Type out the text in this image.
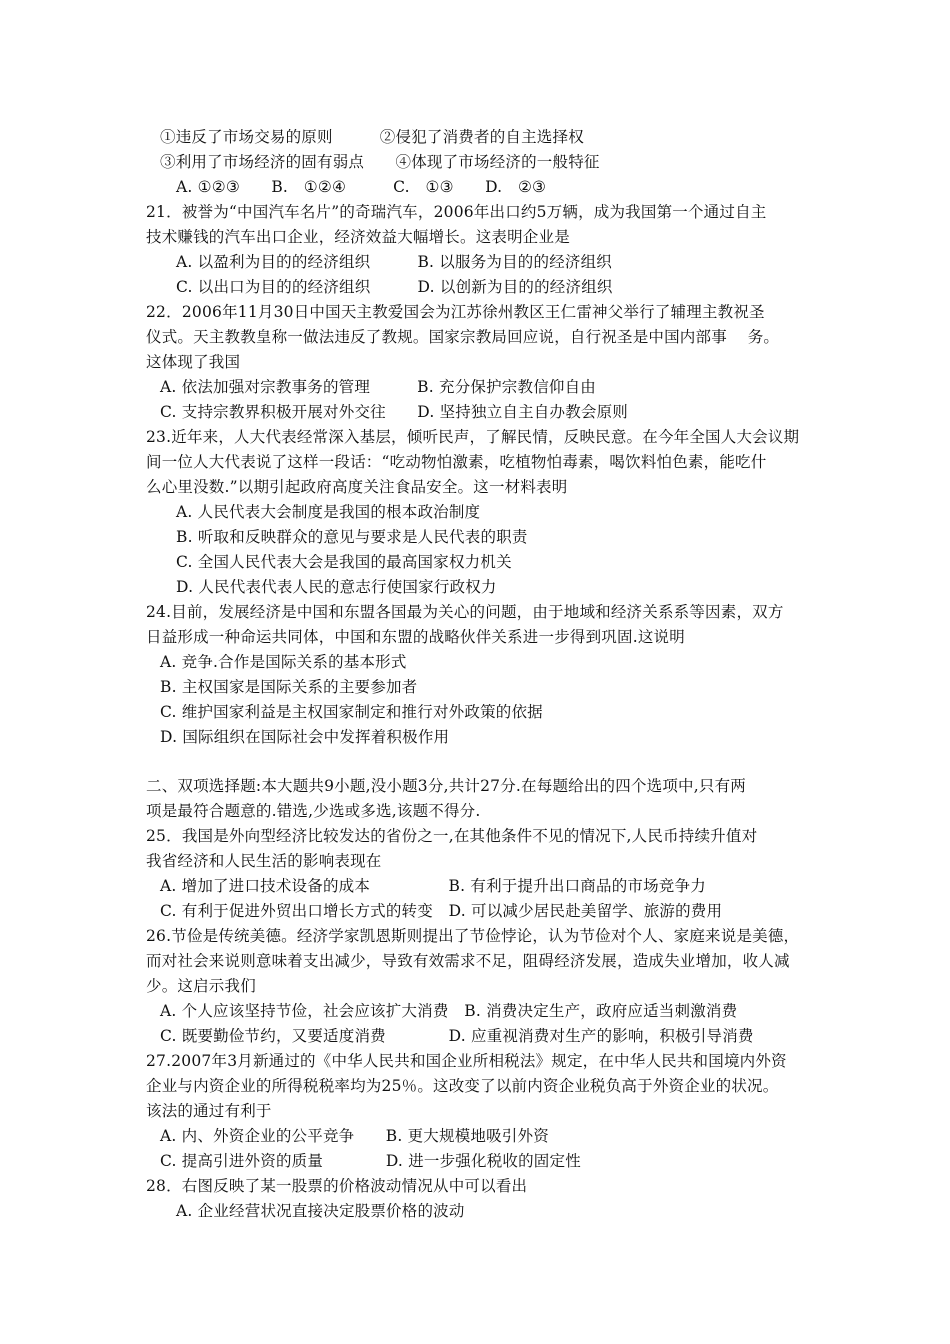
①违反了市场交易的原则　　　②侵犯了消费者的自主选择权
③利用了市场经济的固有弱点　　④体现了市场经济的一般特征
A. ①②③　　B.　①②④　　　C.　①③　　D.　②③
21．被誉为“中国汽车名片”的奇瑞汽车，2006年出口约5万辆，成为我国第一个通过自主
技术赚钱的汽车出口企业，经济效益大幅增长。这表明企业是
A. 以盈利为目的的经济组织　　　B. 以服务为目的的经济组织
C. 以出口为目的的经济组织　　　D. 以创新为目的的经济组织
22．2006年11月30日中国天主教爱国会为江苏徐州教区王仁雷神父举行了辅理主教祝圣
仪式。天主教教皇称一做法违反了教规。国家宗教局回应说，自行祝圣是中国内部事　 务。
这体现了我国
A. 依法加强对宗教事务的管理　　　B. 充分保护宗教信仰自由
C. 支持宗教界积极开展对外交往　　D. 坚持独立自主自办教会原则
23.近年来，人大代表经常深入基层，倾听民声，了解民情，反映民意。在今年全国人大会议期
间一位人大代表说了这样一段话：“吃动物怕激素，吃植物怕毒素，喝饮料怕色素，能吃什
么心里没数.”以期引起政府高度关注食品安全。这一材料表明
A. 人民代表大会制度是我国的根本政治制度
B. 听取和反映群众的意见与要求是人民代表的职责
C. 全国人民代表大会是我国的最高国家权力机关
D. 人民代表代表人民的意志行使国家行政权力
24.目前，发展经济是中国和东盟各国最为关心的问题，由于地域和经济关系系等因素，双方
日益形成一种命运共同体，中国和东盟的战略伙伴关系进一步得到巩固.这说明
A. 竞争.合作是国际关系的基本形式
B. 主权国家是国际关系的主要参加者
C. 维护国家利益是主权国家制定和推行对外政策的依据
D. 国际组织在国际社会中发挥着积极作用
二、双项选择题:本大题共9小题,没小题3分,共计27分.在每题给出的四个选项中,只有两
项是最符合题意的.错选,少选或多选,该题不得分.
25．我国是外向型经济比较发达的省份之一,在其他条件不见的情况下,人民币持续升值对
我省经济和人民生活的影响表现在
A. 增加了进口技术设备的成本　　　　　B. 有利于提升出口商品的市场竞争力
C. 有利于促进外贸出口增长方式的转变　D. 可以减少居民赴美留学、旅游的费用
26.节俭是传统美德。经济学家凯恩斯则提出了节俭悖论，认为节俭对个人、家庭来说是美德，
而对社会来说则意味着支出减少，导致有效需求不足，阻碍经济发展，造成失业增加，收人减
少。这启示我们
A. 个人应该坚持节俭，社会应该扩大消费　B. 消费决定生产，政府应适当刺激消费
C. 既要勤俭节约，又要适度消费　　　　D. 应重视消费对生产的影响，积极引导消费
27.2007年3月新通过的《中华人民共和国企业所相税法》规定，在中华人民共和国境内外资
企业与内资企业的所得税税率均为25％。这改变了以前内资企业税负高于外资企业的状况。
该法的通过有利于
A. 内、外资企业的公平竞争　　B. 更大规模地吸引外资
C. 提高引进外资的质量　　　　D. 进一步强化税收的固定性
28．右图反映了某一股票的价格波动情况从中可以看出
A. 企业经营状况直接决定股票价格的波动
